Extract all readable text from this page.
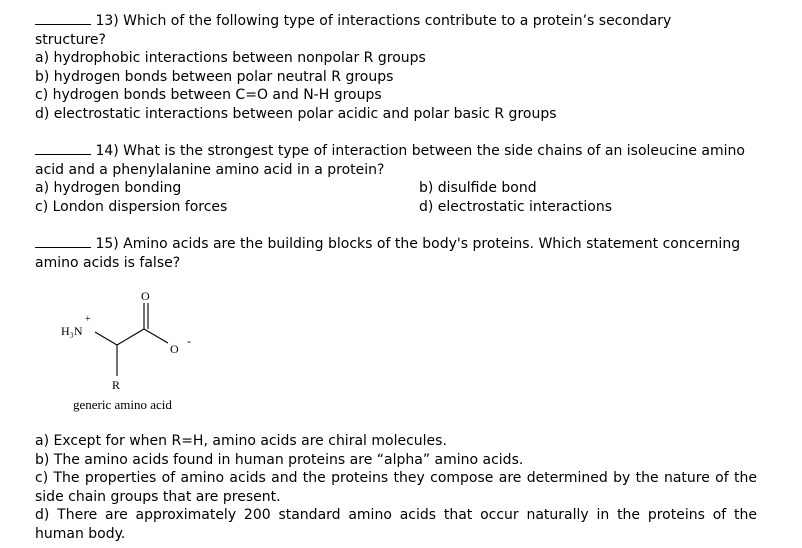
13) Which of the following type of interactions contribute to a protein’s secondary
structure?
a) hydrophobic interactions between nonpolar R groups
b) hydrogen bonds between polar neutral R groups
c) hydrogen bonds between C=O and N-H groups
d) electrostatic interactions between polar acidic and polar basic R groups
14) What is the strongest type of interaction between the side chains of an isoleucine amino
acid and a phenylalanine amino acid in a protein?
a) hydrogen bonding	b) disulfide bond
c) London dispersion forces	d) electrostatic interactions
15) Amino acids are the building blocks of the body's proteins. Which statement concerning
amino acids is false?
H₃N
+
O
O
-
R
generic amino acid
a) Except for when R=H, amino acids are chiral molecules.
b) The amino acids found in human proteins are “alpha” amino acids.
c) The properties of amino acids and the proteins they compose are determined by the nature of the side chain groups that are present.
d) There are approximately 200 standard amino acids that occur naturally in the proteins of the human body.
